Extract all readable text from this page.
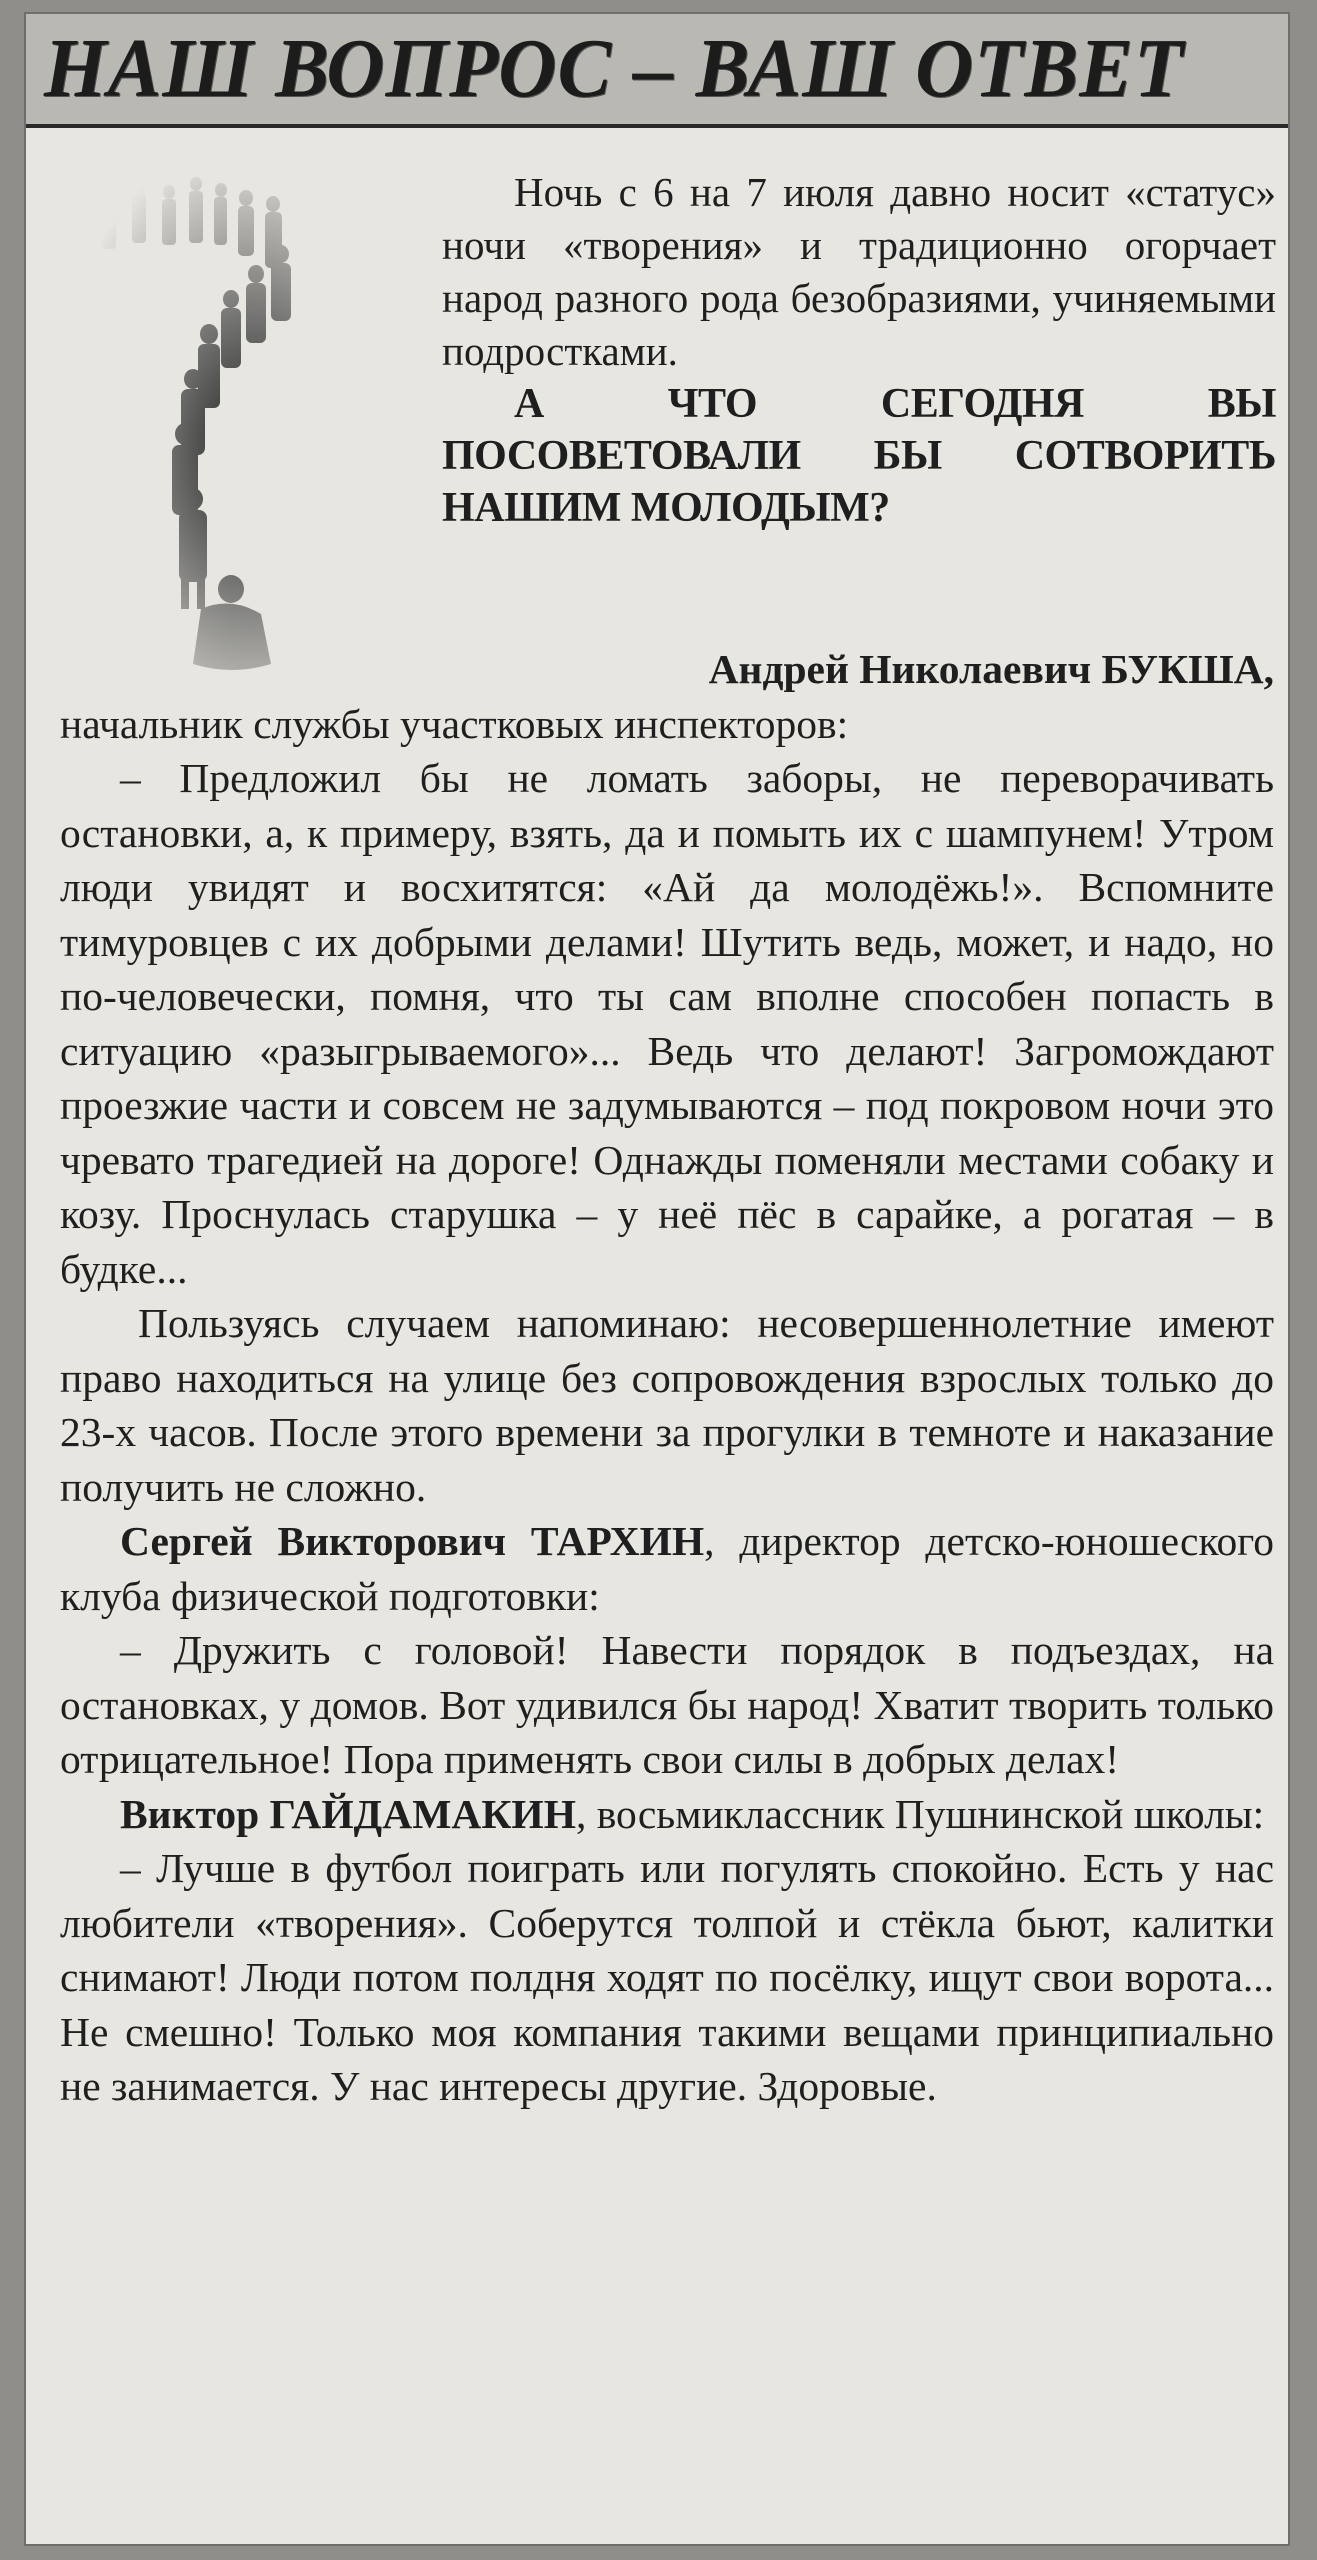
НАШ ВОПРОС – ВАШ ОТВЕТ

Ночь с 6 на 7 июля давно носит «статус» ночи «творения» и традиционно огорчает народ разного рода безобразиями, учиняемыми подростками.

А ЧТО СЕГОДНЯ ВЫ ПОСОВЕТОВАЛИ БЫ СОТВОРИТЬ НАШИМ МОЛОДЫМ?

Андрей Николаевич БУКША,

начальник службы участковых инспекторов:

– Предложил бы не ломать заборы, не переворачивать остановки, а, к примеру, взять, да и помыть их с шампунем! Утром люди увидят и восхитятся: «Ай да молодёжь!». Вспомните тимуровцев с их добрыми делами! Шутить ведь, может, и надо, но по-человечески, помня, что ты сам вполне способен попасть в ситуацию «разыгрываемого»... Ведь что делают! Загромождают проезжие части и совсем не задумываются – под покровом ночи это чревато трагедией на дороге! Однажды поменяли местами собаку и козу. Проснулась старушка – у неё пёс в сарайке, а рогатая – в будке...

Пользуясь случаем напоминаю: несовершеннолетние имеют право находиться на улице без сопровождения взрослых только до 23-х часов. После этого времени за прогулки в темноте и наказание получить не сложно.

Сергей Викторович ТАРХИН, директор детско-юношеского клуба физической подготовки:

– Дружить с головой! Навести порядок в подъездах, на остановках, у домов. Вот удивился бы народ! Хватит творить только отрицательное! Пора применять свои силы в добрых делах!

Виктор ГАЙДАМАКИН, восьмиклассник Пушнинской школы:

– Лучше в футбол поиграть или погулять спокойно. Есть у нас любители «творения». Соберутся толпой и стёкла бьют, калитки снимают! Люди потом полдня ходят по посёлку, ищут свои ворота... Не смешно! Только моя компания такими вещами принципиально не занимается. У нас интересы другие. Здоровые.
